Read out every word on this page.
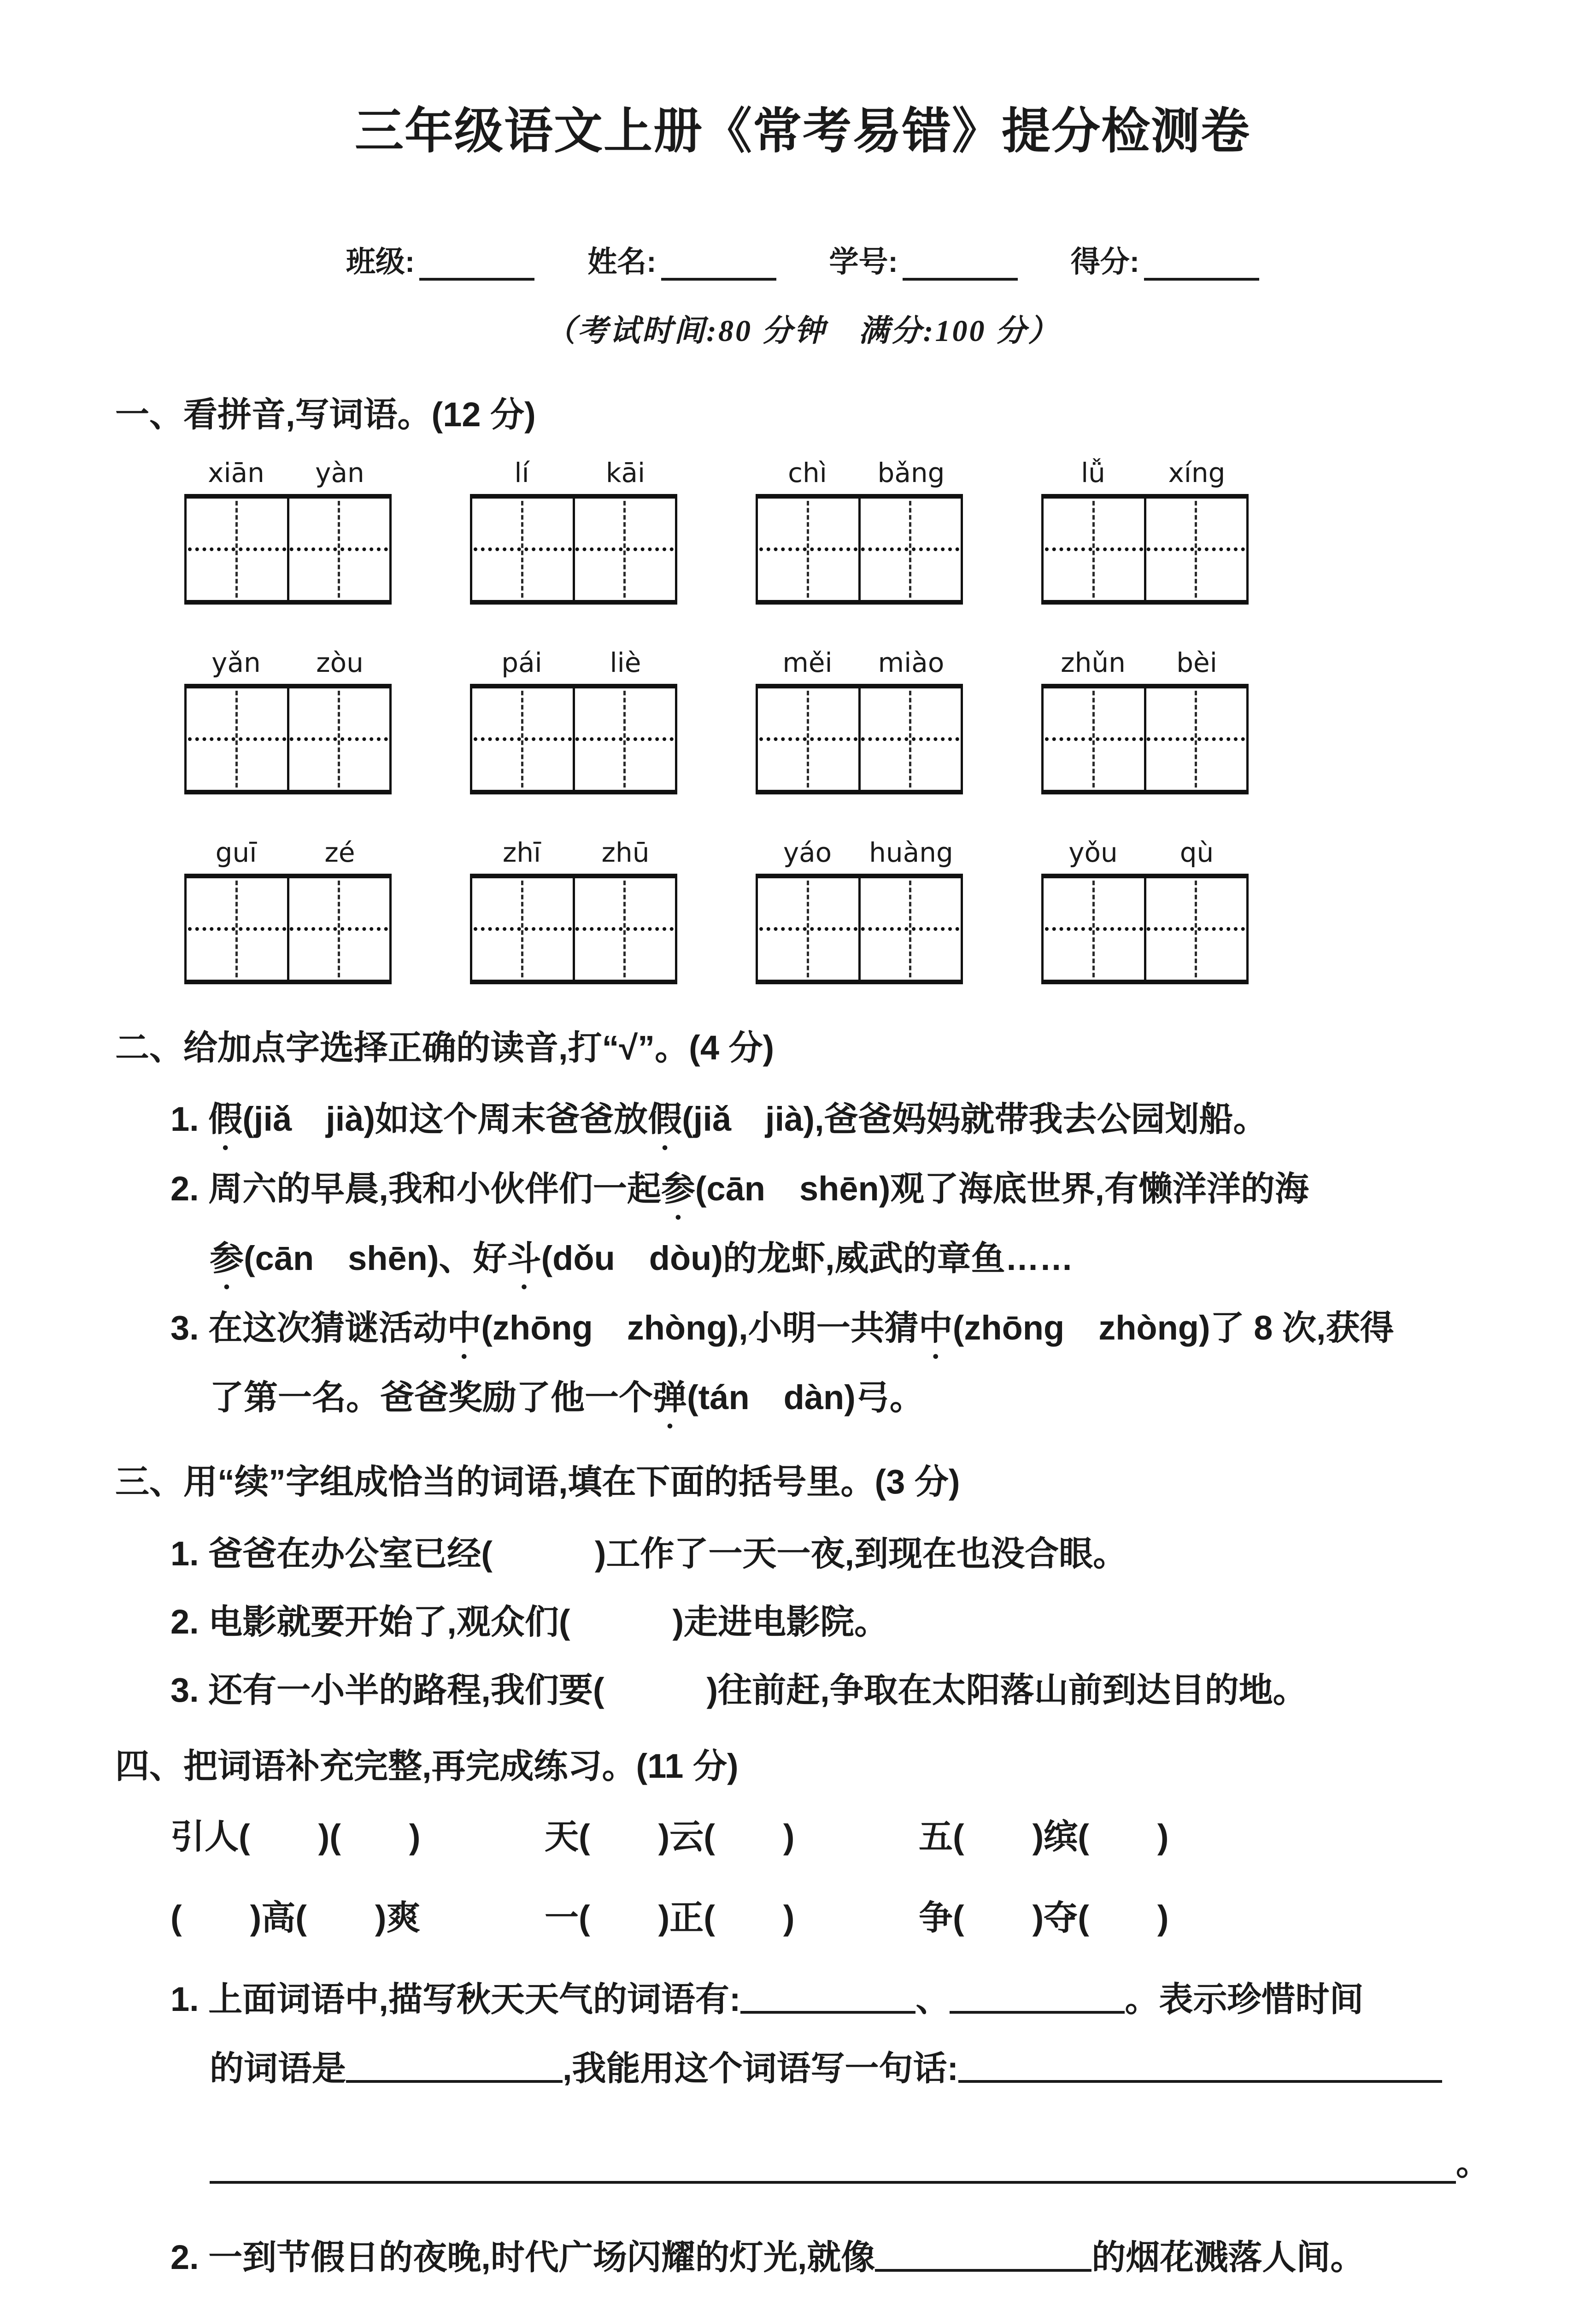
三年级语文上册《常考易错》提分检测卷
班级:	姓名:	学号:	得分:
（考试时间:80 分钟　满分:100 分）
一、看拼音,写词语。(12 分)
xiān	yàn	lí	kāi	chì	bǎng	lǚ	xíng
yǎn	zòu	pái	liè	měi	miào	zhǔn	bèi
guī	zé	zhī	zhū	yáo	huàng	yǒu	qù
二、给加点字选择正确的读音,打“√”。(4 分)
1. 假(jiǎ　jià)如这个周末爸爸放假(jiǎ　jià),爸爸妈妈就带我去公园划船。
2. 周六的早晨,我和小伙伴们一起参(cān　shēn)观了海底世界,有懒洋洋的海
参(cān　shēn)、好斗(dǒu　dòu)的龙虾,威武的章鱼……
3. 在这次猜谜活动中(zhōng　zhòng),小明一共猜中(zhōng　zhòng)了 8 次,获得
了第一名。爸爸奖励了他一个弹(tán　dàn)弓。
三、用“续”字组成恰当的词语,填在下面的括号里。(3 分)
1. 爸爸在办公室已经(　　　)工作了一天一夜,到现在也没合眼。
2. 电影就要开始了,观众们(　　　)走进电影院。
3. 还有一小半的路程,我们要(　　　)往前赶,争取在太阳落山前到达目的地。
四、把词语补充完整,再完成练习。(11 分)
引人(　　)(　　)	天(　　)云(　　)	五(　　)缤(　　)
(　　)高(　　)爽	一(　　)正(　　)	争(　　)夺(　　)
1. 上面词语中,描写秋天天气的词语有:	、	。表示珍惜时间
的词语是	,我能用这个词语写一句话:
。
2. 一到节假日的夜晚,时代广场闪耀的灯光,就像	的烟花溅落人间。
